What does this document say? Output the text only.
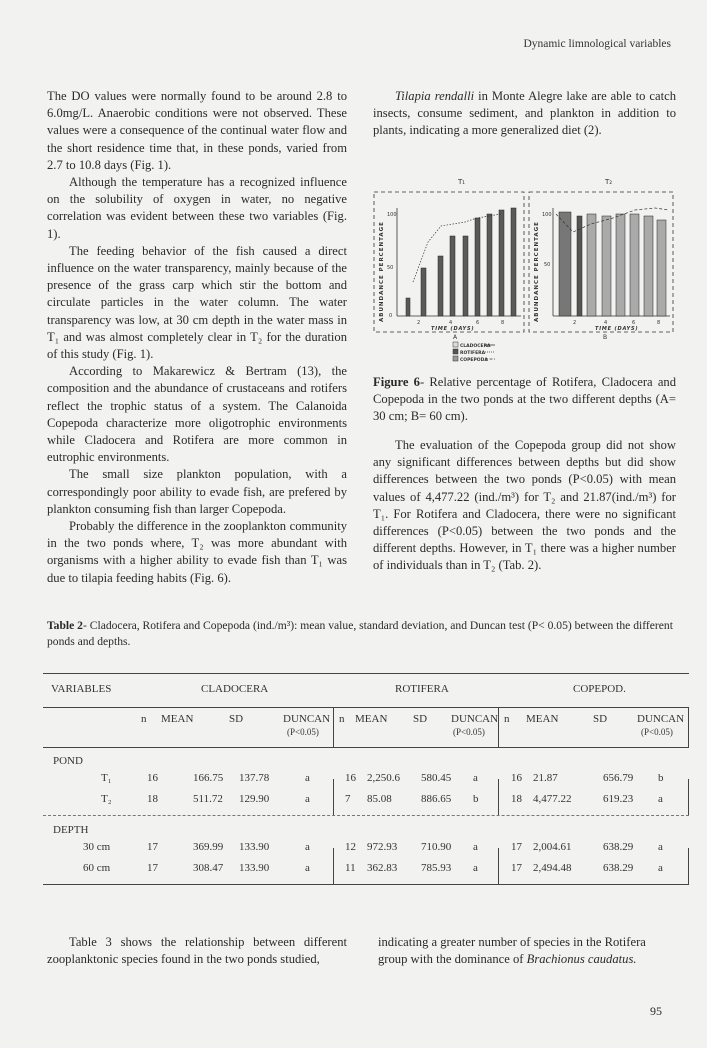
Dynamic limnological variables

The DO values were normally found to be around 2.8 to 6.0mg/L. Anaerobic conditions were not observed. These values were a consequence of the continual water flow and the short residence time that, in these ponds, varied from 2.7 to 10.8 days (Fig. 1).

Although the temperature has a recognized influence on the solubility of oxygen in water, no negative correlation was evident between these two variables (Fig. 1).

The feeding behavior of the fish caused a direct influence on the water transparency, mainly because of the presence of the grass carp which stir the bottom and circulate particles in the water column. The water transparency was low, at 30 cm depth in the water mass in T₁ and was almost completely clear in T₂ for the duration of this study (Fig. 1).

According to Makarewicz & Bertram (13), the composition and the abundance of crustaceans and rotifers reflect the trophic status of a system. The Calanoida Copepoda characterize more oligotrophic environments while Cladocera and Rotifera are more common in eutrophic environments.

The small size plankton population, with a correspondingly poor ability to evade fish, are prefered by plankton consuming fish than larger Copepoda.

Probably the difference in the zooplankton community in the two ponds where, T₂ was more abundant with organisms with a higher ability to evade fish than T₁ was due to tilapia feeding habits (Fig. 6).

Tilapia rendalli in Monte Alegre lake are able to catch insects, consume sediment, and plankton in addition to plants, indicating a more generalized diet (2).

T₁	T₂
ABUNDANCE PERCENTAGE	ABUNDANCE PERCENTAGE
100
50
0
100
50
2	4	6	8	2	4	6	8
TIME (DAYS)	TIME (DAYS)
A	B
CLADOCERA
ROTIFERA
COPEPODA
Figure 6- Relative percentage of Rotifera, Cladocera and Copepoda in the two ponds at the two different depths (A= 30 cm; B= 60 cm).

The evaluation of the Copepoda group did not show any significant differences between depths but did show differences between the two ponds (P<0.05) with mean values of 4,477.22 (ind./m³) for T₂ and 21.87(ind./m³) for T₁. For Rotifera and Cladocera, there were no significant differences (P<0.05) between the two ponds and the different depths. However, in T₁ there was a higher number of individuals than in T₂ (Tab. 2).

Table 2- Cladocera, Rotifera and Copepoda (ind./m³): mean value, standard deviation, and Duncan test (P< 0.05) between the different ponds and depths.
VARIABLES	CLADOCERA	ROTIFERA	COPEPOD.
n MEAN	SD	DUNCAN
(P<0.05)
n MEAN SD DUNCAN
(P<0.05)
n MEAN	SD	DUNCAN
(P<0.05)
POND
DEPTH
T₁	16	166.75 137.78	a	16 2,250.6 580.45 a	16 21.87	656.79 b
T₂	18	511.72 129.90	a	7 85.08	886.65 b	18 4,477.22	619.23 a
30 cm	17	369.99 133.90	a	12 972.93 710.90 a	17 2,004.61	638.29 a
60 cm	17	308.47 133.90	a	11 362.83 785.93 a	17 2,494.48	638.29 a

Table 3 shows the relationship between different zooplanktonic species found in the two ponds studied,

indicating a greater number of species in the Rotifera group with the dominance of Brachionus caudatus.
95
